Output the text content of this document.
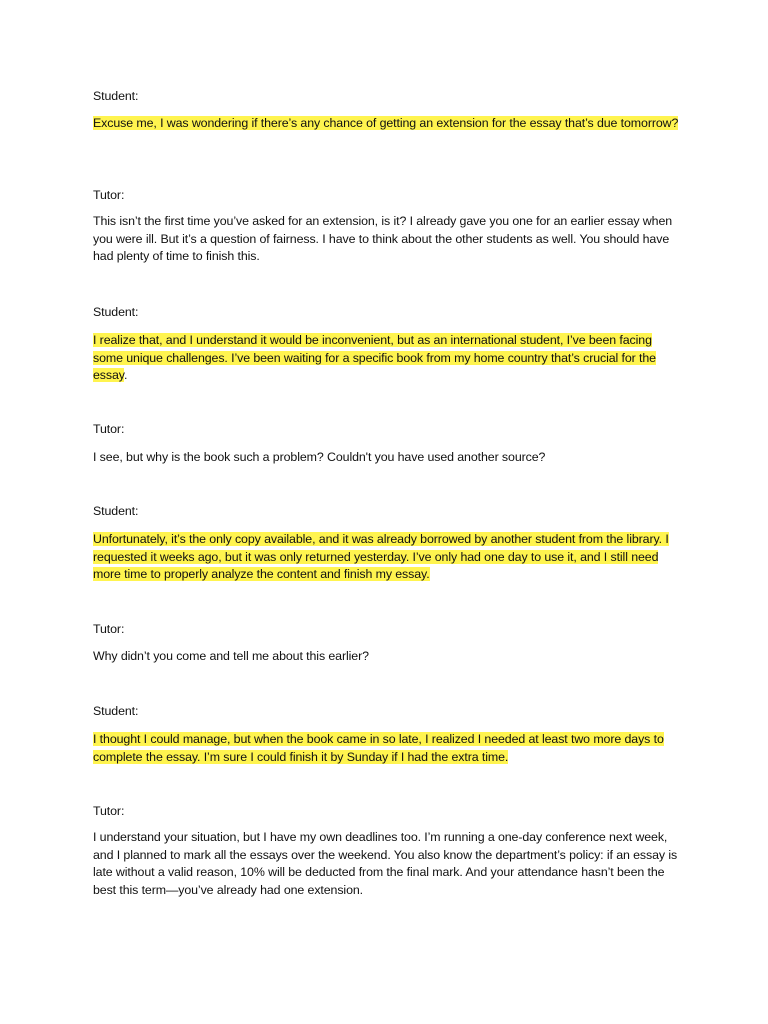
Student:

Excuse me, I was wondering if there’s any chance of getting an extension for the essay that’s due tomorrow?

Tutor:

This isn’t the first time you’ve asked for an extension, is it? I already gave you one for an earlier essay when you were ill. But it’s a question of fairness. I have to think about the other students as well. You should have had plenty of time to finish this.

Student:

I realize that, and I understand it would be inconvenient, but as an international student, I’ve been facing some unique challenges. I’ve been waiting for a specific book from my home country that’s crucial for the essay.

Tutor:

I see, but why is the book such a problem? Couldn't you have used another source?

Student:

Unfortunately, it’s the only copy available, and it was already borrowed by another student from the library. I requested it weeks ago, but it was only returned yesterday. I’ve only had one day to use it, and I still need more time to properly analyze the content and finish my essay.

Tutor:

Why didn’t you come and tell me about this earlier?

Student:

I thought I could manage, but when the book came in so late, I realized I needed at least two more days to complete the essay. I’m sure I could finish it by Sunday if I had the extra time.

Tutor:

I understand your situation, but I have my own deadlines too. I’m running a one-day conference next week, and I planned to mark all the essays over the weekend. You also know the department’s policy: if an essay is late without a valid reason, 10% will be deducted from the final mark. And your attendance hasn’t been the best this term—you’ve already had one extension.
